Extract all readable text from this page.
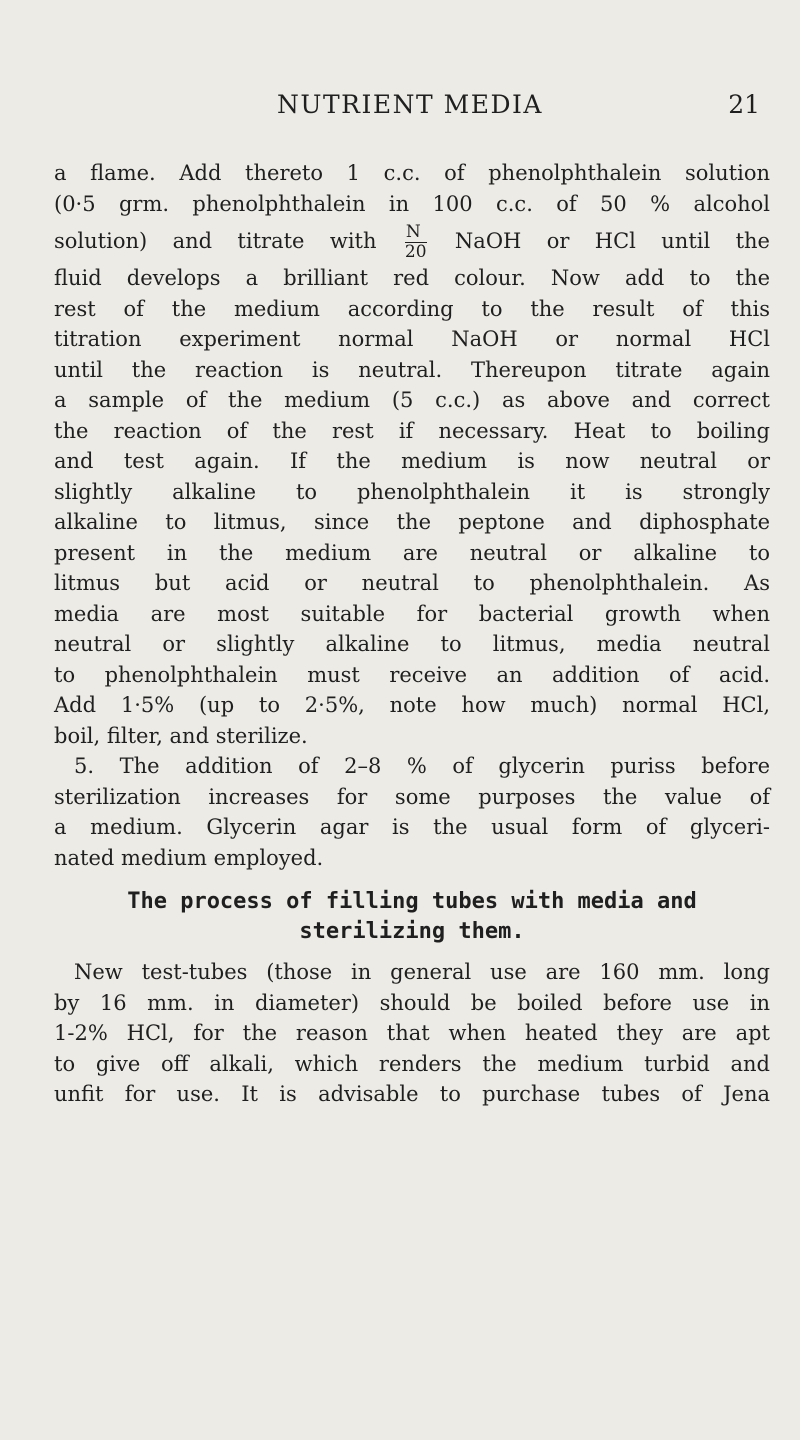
NUTRIENT MEDIA	21
a flame. Add thereto 1 c.c. of phenolphthalein solution
(0·5 grm. phenolphthalein in 100 c.c. of 50 % alcohol
solution) and titrate with $\frac{N}{20}$ NaOH or HCl until the
fluid develops a brilliant red colour. Now add to the
rest of the medium according to the result of this
titration experiment normal NaOH or normal HCl
until the reaction is neutral. Thereupon titrate again
a sample of the medium (5 c.c.) as above and correct
the reaction of the rest if necessary. Heat to boiling
and test again. If the medium is now neutral or
slightly alkaline to phenolphthalein it is strongly
alkaline to litmus, since the peptone and diphosphate
present in the medium are neutral or alkaline to
litmus but acid or neutral to phenolphthalein. As
media are most suitable for bacterial growth when
neutral or slightly alkaline to litmus, media neutral
to phenolphthalein must receive an addition of acid.
Add 1·5% (up to 2·5%, note how much) normal HCl,
boil, filter, and sterilize.
5. The addition of 2–8 % of glycerin puriss before
sterilization increases for some purposes the value of
a medium. Glycerin agar is the usual form of glyceri-
nated medium employed.
The process of filling tubes with media and
sterilizing them.
New test-tubes (those in general use are 160 mm. long
by 16 mm. in diameter) should be boiled before use in
1-2% HCl, for the reason that when heated they are apt
to give off alkali, which renders the medium turbid and
unfit for use. It is advisable to purchase tubes of Jena
